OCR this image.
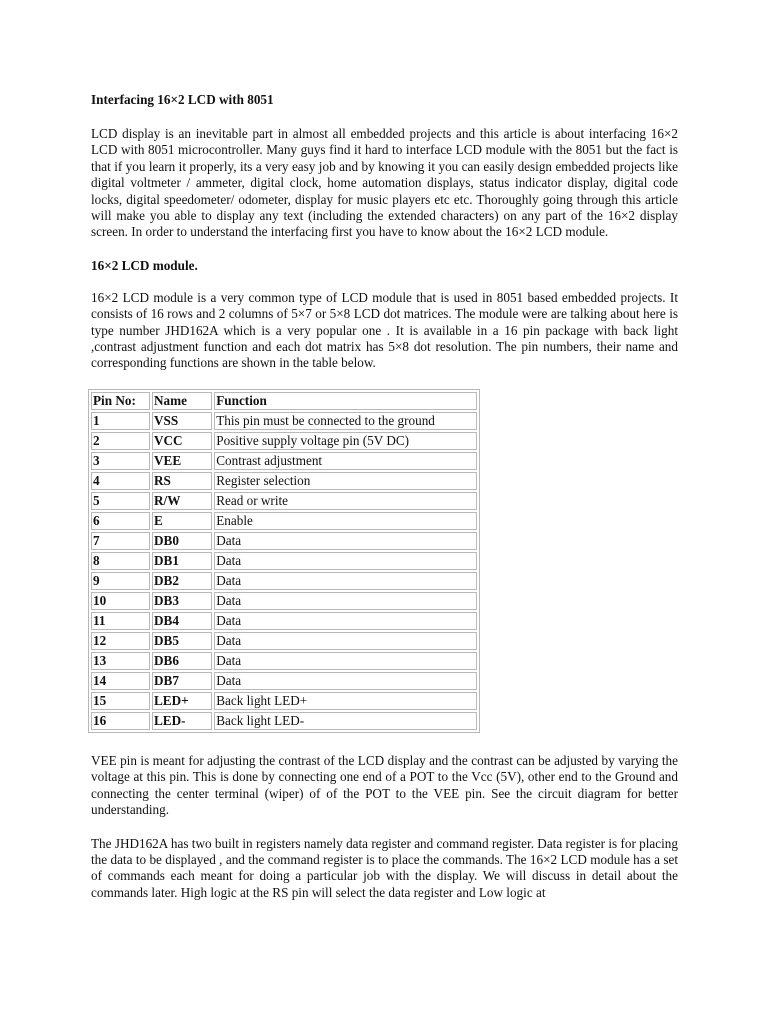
Interfacing 16×2 LCD with 8051

LCD display is an inevitable part in almost all embedded projects and this article is about interfacing 16×2 LCD with 8051 microcontroller. Many guys find it hard to interface LCD module with the 8051 but the fact is that if you learn it properly, its a very easy job and by knowing it you can easily design embedded projects like digital voltmeter / ammeter, digital clock, home automation displays, status indicator display, digital code locks, digital speedometer/ odometer, display for music players etc etc. Thoroughly going through this article will make you able to display any text (including the extended characters) on any part of the 16×2 display screen. In order to understand the interfacing first you have to know about the 16×2 LCD module.

16×2 LCD module.

16×2 LCD module is a very common type of LCD module that is used in 8051 based embedded projects. It consists of 16 rows and 2 columns of 5×7 or 5×8 LCD dot matrices. The module were are talking about here is type number JHD162A which is a very popular one . It is available in a 16 pin package with back light ,contrast adjustment function and each dot matrix has 5×8 dot resolution. The pin numbers, their name and corresponding functions are shown in the table below.

Pin No:	Name	Function
1	VSS	This pin must be connected to the ground
2	VCC	Positive supply voltage pin (5V DC)
3	VEE	Contrast adjustment
4	RS	Register selection
5	R/W	Read or write
6	E	Enable
7	DB0	Data
8	DB1	Data
9	DB2	Data
10	DB3	Data
11	DB4	Data
12	DB5	Data
13	DB6	Data
14	DB7	Data
15	LED+	Back light LED+
16	LED-	Back light LED-

VEE pin is meant for adjusting the contrast of the LCD display and the contrast can be adjusted by varying the voltage at this pin. This is done by connecting one end of a POT to the Vcc (5V), other end to the Ground and connecting the center terminal (wiper) of of the POT to the VEE pin. See the circuit diagram for better understanding.

The JHD162A has two built in registers namely data register and command register. Data register is for placing the data to be displayed , and the command register is to place the commands. The 16×2 LCD module has a set of commands each meant for doing a particular job with the display. We will discuss in detail about the commands later. High logic at the RS pin will select the data register and Low logic at
